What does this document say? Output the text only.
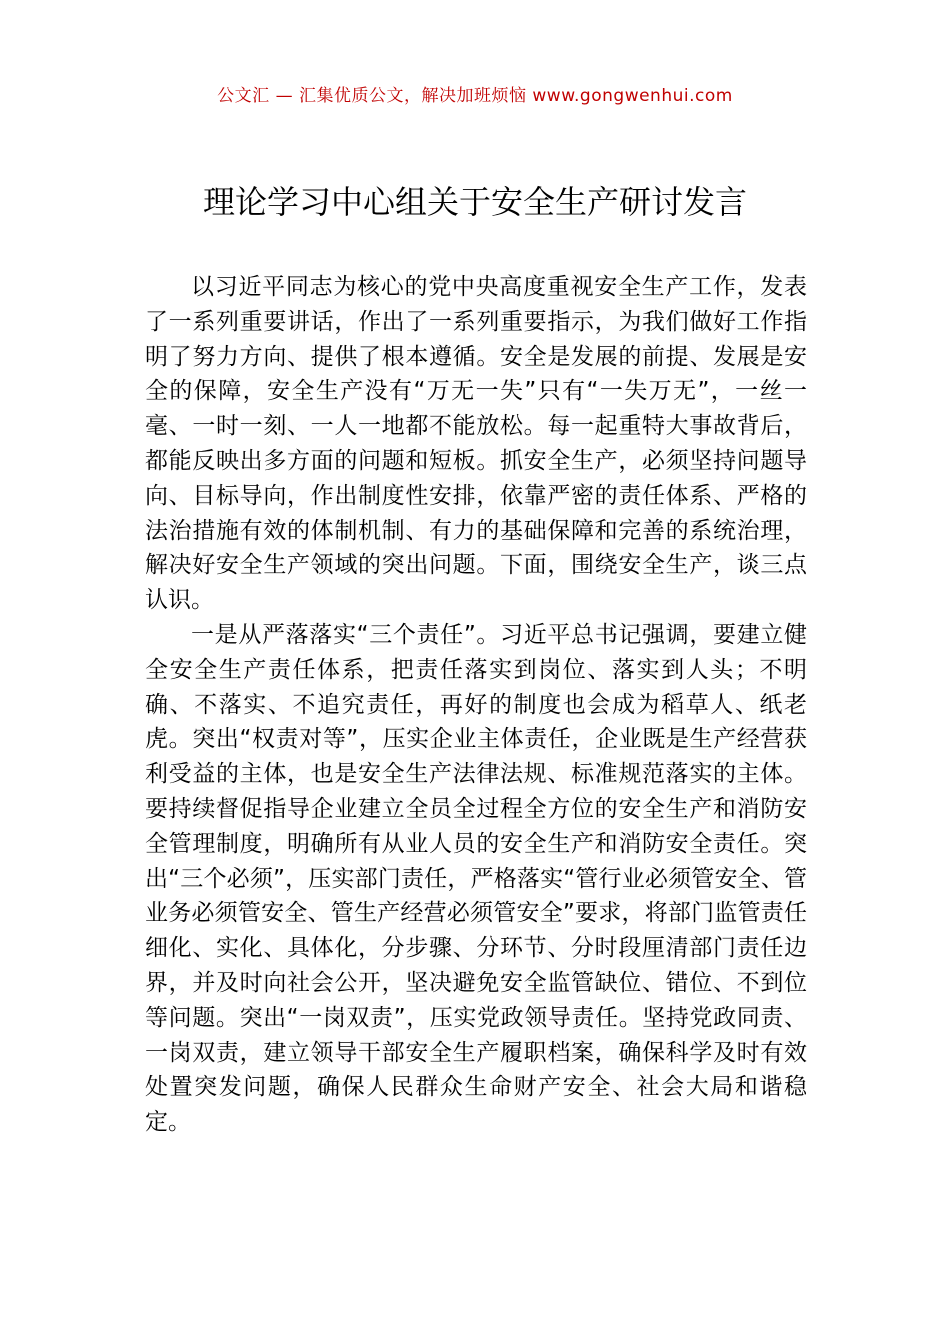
公文汇 — 汇集优质公文，解决加班烦恼 www.gongwenhui.com
理论学习中心组关于安全生产研讨发言

以习近平同志为核心的党中央高度重视安全生产工作，发表了一系列重要讲话，作出了一系列重要指示，为我们做好工作指明了努力方向、提供了根本遵循。安全是发展的前提、发展是安全的保障，安全生产没有“万无一失”只有“一失万无”，一丝一毫、一时一刻、一人一地都不能放松。每一起重特大事故背后，都能反映出多方面的问题和短板。抓安全生产，必须坚持问题导向、目标导向，作出制度性安排，依靠严密的责任体系、严格的法治措施有效的体制机制、有力的基础保障和完善的系统治理，解决好安全生产领域的突出问题。下面，围绕安全生产，谈三点认识。

一是从严落落实“三个责任”。习近平总书记强调，要建立健全安全生产责任体系，把责任落实到岗位、落实到人头；不明确、不落实、不追究责任，再好的制度也会成为稻草人、纸老虎。突出“权责对等”，压实企业主体责任，企业既是生产经营获利受益的主体，也是安全生产法律法规、标准规范落实的主体。要持续督促指导企业建立全员全过程全方位的安全生产和消防安全管理制度，明确所有从业人员的安全生产和消防安全责任。突出“三个必须”，压实部门责任，严格落实“管行业必须管安全、管业务必须管安全、管生产经营必须管安全”要求，将部门监管责任细化、实化、具体化，分步骤、分环节、分时段厘清部门责任边界，并及时向社会公开，坚决避免安全监管缺位、错位、不到位等问题。突出“一岗双责”，压实党政领导责任。坚持党政同责、一岗双责，建立领导干部安全生产履职档案，确保科学及时有效处置突发问题，确保人民群众生命财产安全、社会大局和谐稳定。
